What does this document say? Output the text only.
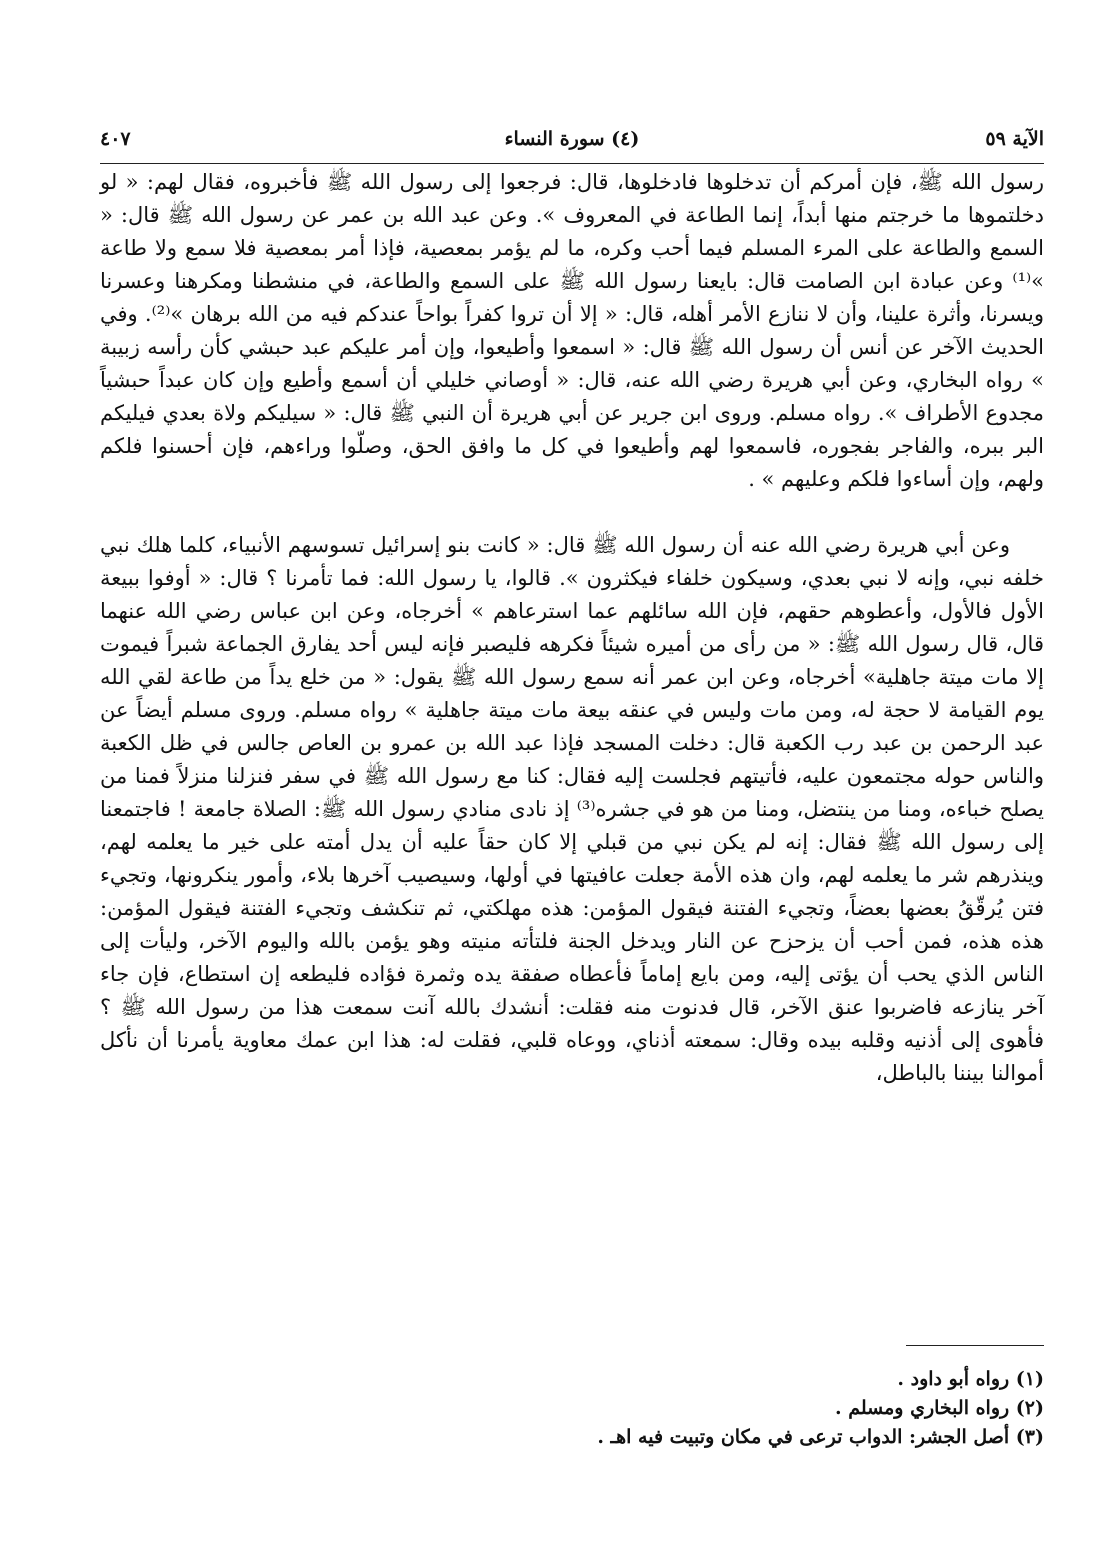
الآية ٥٩
(٤) سورة النساء
٤٠٧

رسول الله ﷺ، فإن أمركم أن تدخلوها فادخلوها، قال: فرجعوا إلى رسول الله ﷺ فأخبروه، فقال لهم: « لو دخلتموها ما خرجتم منها أبداً، إنما الطاعة في المعروف ». وعن عبد الله بن عمر عن رسول الله ﷺ قال: « السمع والطاعة على المرء المسلم فيما أحب وكره، ما لم يؤمر بمعصية، فإذا أمر بمعصية فلا سمع ولا طاعة »⁽¹⁾ وعن عبادة ابن الصامت قال: بايعنا رسول الله ﷺ على السمع والطاعة، في منشطنا ومكرهنا وعسرنا ويسرنا، وأثرة علينا، وأن لا ننازع الأمر أهله، قال: « إلا أن تروا كفراً بواحاً عندكم فيه من الله برهان »⁽²⁾. وفي الحديث الآخر عن أنس أن رسول الله ﷺ قال: « اسمعوا وأطيعوا، وإن أمر عليكم عبد حبشي كأن رأسه زبيبة » رواه البخاري، وعن أبي هريرة رضي الله عنه، قال: « أوصاني خليلي أن أسمع وأطيع وإن كان عبداً حبشياً مجدوع الأطراف ». رواه مسلم. وروى ابن جرير عن أبي هريرة أن النبي ﷺ قال: « سيليكم ولاة بعدي فيليكم البر ببره، والفاجر بفجوره، فاسمعوا لهم وأطيعوا في كل ما وافق الحق، وصلّوا وراءهم، فإن أحسنوا فلكم ولهم، وإن أساءوا فلكم وعليهم » .

وعن أبي هريرة رضي الله عنه أن رسول الله ﷺ قال: « كانت بنو إسرائيل تسوسهم الأنبياء، كلما هلك نبي خلفه نبي، وإنه لا نبي بعدي، وسيكون خلفاء فيكثرون ». قالوا، يا رسول الله: فما تأمرنا ؟ قال: « أوفوا ببيعة الأول فالأول، وأعطوهم حقهم، فإن الله سائلهم عما استرعاهم » أخرجاه، وعن ابن عباس رضي الله عنهما قال، قال رسول الله ﷺ: « من رأى من أميره شيئاً فكرهه فليصبر فإنه ليس أحد يفارق الجماعة شبراً فيموت إلا مات ميتة جاهلية» أخرجاه، وعن ابن عمر أنه سمع رسول الله ﷺ يقول: « من خلع يداً من طاعة لقي الله يوم القيامة لا حجة له، ومن مات وليس في عنقه بيعة مات ميتة جاهلية » رواه مسلم. وروى مسلم أيضاً عن عبد الرحمن بن عبد رب الكعبة قال: دخلت المسجد فإذا عبد الله بن عمرو بن العاص جالس في ظل الكعبة والناس حوله مجتمعون عليه، فأتيتهم فجلست إليه فقال: كنا مع رسول الله ﷺ في سفر فنزلنا منزلاً فمنا من يصلح خباءه، ومنا من ينتضل، ومنا من هو في جشره⁽³⁾ إذ نادى منادي رسول الله ﷺ: الصلاة جامعة ! فاجتمعنا إلى رسول الله ﷺ فقال: إنه لم يكن نبي من قبلي إلا كان حقاً عليه أن يدل أمته على خير ما يعلمه لهم، وينذرهم شر ما يعلمه لهم، وان هذه الأمة جعلت عافيتها في أولها، وسيصيب آخرها بلاء، وأمور ينكرونها، وتجيء فتن يُرقّقُ بعضها بعضاً، وتجيء الفتنة فيقول المؤمن: هذه مهلكتي، ثم تنكشف وتجيء الفتنة فيقول المؤمن: هذه هذه، فمن أحب أن يزحزح عن النار ويدخل الجنة فلتأته منيته وهو يؤمن بالله واليوم الآخر، وليأت إلى الناس الذي يحب أن يؤتى إليه، ومن بايع إماماً فأعطاه صفقة يده وثمرة فؤاده فليطعه إن استطاع، فإن جاء آخر ينازعه فاضربوا عنق الآخر، قال فدنوت منه فقلت: أنشدك بالله آنت سمعت هذا من رسول الله ﷺ ؟ فأهوى إلى أذنيه وقلبه بيده وقال: سمعته أذناي، ووعاه قلبي، فقلت له: هذا ابن عمك معاوية يأمرنا أن نأكل أموالنا بيننا بالباطل،

(١) رواه أبو داود .

(٢) رواه البخاري ومسلم .

(٣) أصل الجشر: الدواب ترعى في مكان وتبيت فيه اهـ .
